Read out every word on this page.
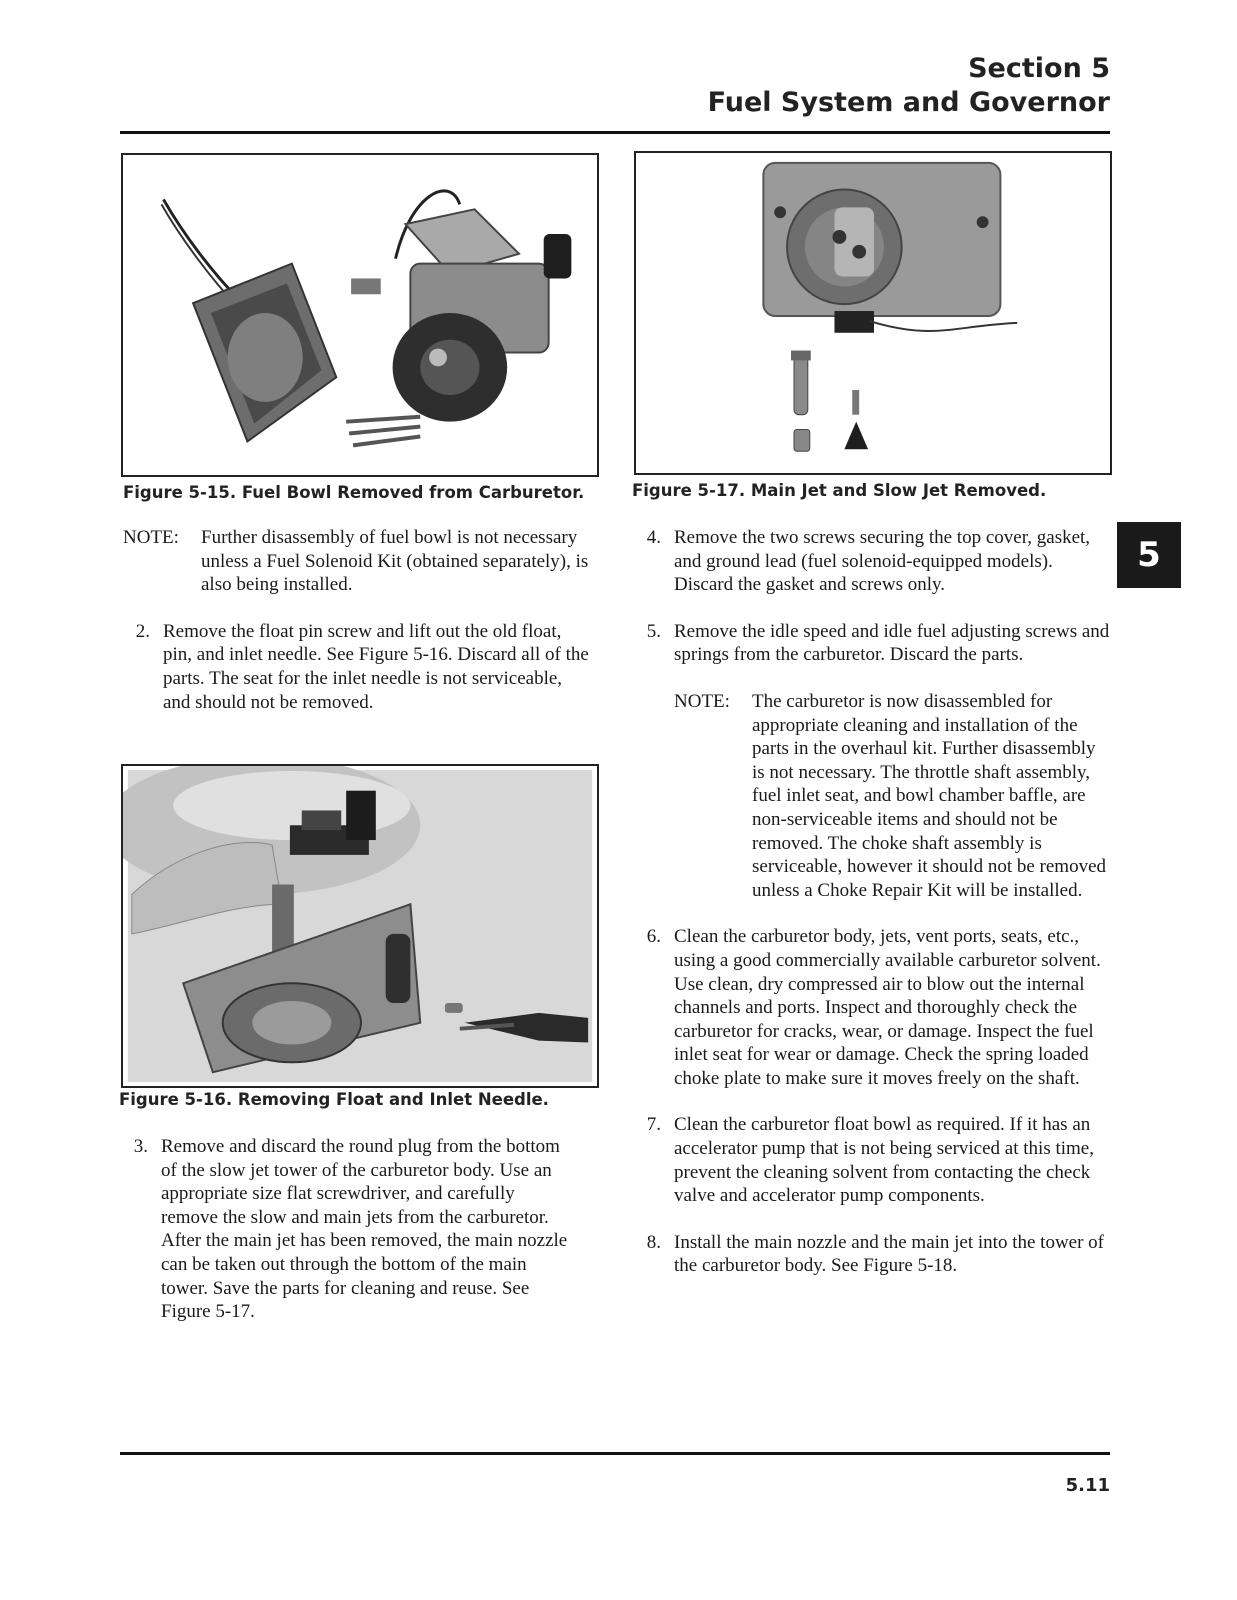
Section 5
Fuel System and Governor
5
Figure 5-15. Fuel Bowl Removed from Carburetor.	Figure 5-17. Main Jet and Slow Jet Removed.
NOTE:	Further disassembly of fuel bowl is not necessary unless a Fuel Solenoid Kit (obtained separately), is also being installed.
2. Remove the float pin screw and lift out the old float, pin, and inlet needle. See Figure 5-16. Discard all of the parts. The seat for the inlet needle is not serviceable, and should not be removed.
Figure 5-16. Removing Float and Inlet Needle.
3. Remove and discard the round plug from the bottom of the slow jet tower of the carburetor body. Use an appropriate size flat screwdriver, and carefully remove the slow and main jets from the carburetor. After the main jet has been removed, the main nozzle can be taken out through the bottom of the main tower. Save the parts for cleaning and reuse. See Figure 5-17.
4. Remove the two screws securing the top cover, gasket, and ground lead (fuel solenoid-equipped models). Discard the gasket and screws only.
5. Remove the idle speed and idle fuel adjusting screws and springs from the carburetor. Discard the parts.
NOTE:	The carburetor is now disassembled for appropriate cleaning and installation of the parts in the overhaul kit. Further disassembly is not necessary. The throttle shaft assembly, fuel inlet seat, and bowl chamber baffle, are non-serviceable items and should not be removed. The choke shaft assembly is serviceable, however it should not be removed unless a Choke Repair Kit will be installed.
6. Clean the carburetor body, jets, vent ports, seats, etc., using a good commercially available carburetor solvent. Use clean, dry compressed air to blow out the internal channels and ports. Inspect and thoroughly check the carburetor for cracks, wear, or damage. Inspect the fuel inlet seat for wear or damage. Check the spring loaded choke plate to make sure it moves freely on the shaft.
7. Clean the carburetor float bowl as required. If it has an accelerator pump that is not being serviced at this time, prevent the cleaning solvent from contacting the check valve and accelerator pump components.
8. Install the main nozzle and the main jet into the tower of the carburetor body. See Figure 5-18.
5.11
